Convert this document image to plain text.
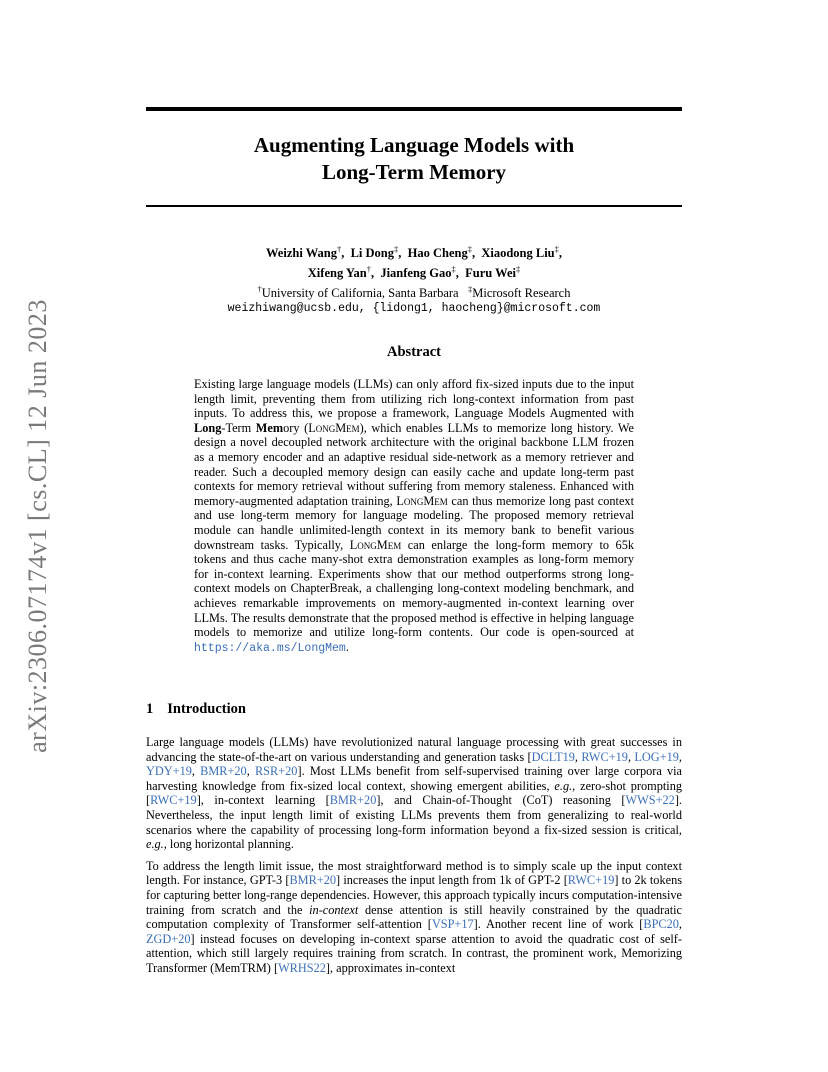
arXiv:2306.07174v1 [cs.CL] 12 Jun 2023
Augmenting Language Models with
Long-Term Memory
Weizhi Wang†,  Li Dong‡,  Hao Cheng‡,  Xiaodong Liu‡,
Xifeng Yan†,  Jianfeng Gao‡,  Furu Wei‡
†University of California, Santa Barbara ‡Microsoft Research
weizhiwang@ucsb.edu, {lidong1, haocheng}@microsoft.com
Abstract
Existing large language models (LLMs) can only afford fix-sized inputs due to the input length limit, preventing them from utilizing rich long-context information from past inputs. To address this, we propose a framework, Language Models Augmented with Long-Term Memory (LongMem), which enables LLMs to memorize long history. We design a novel decoupled network architecture with the original backbone LLM frozen as a memory encoder and an adaptive residual side-network as a memory retriever and reader. Such a decoupled memory design can easily cache and update long-term past contexts for memory retrieval without suffering from memory staleness. Enhanced with memory-augmented adaptation training, LongMem can thus memorize long past context and use long-term memory for language modeling. The proposed memory retrieval module can handle unlimited-length context in its memory bank to benefit various downstream tasks. Typically, LongMem can enlarge the long-form memory to 65k tokens and thus cache many-shot extra demonstration examples as long-form memory for in-context learning. Experiments show that our method outperforms strong long-context models on ChapterBreak, a challenging long-context modeling benchmark, and achieves remarkable improvements on memory-augmented in-context learning over LLMs. The results demonstrate that the proposed method is effective in helping language models to memorize and utilize long-form contents. Our code is open-sourced at https://aka.ms/LongMem.
1 Introduction

Large language models (LLMs) have revolutionized natural language processing with great successes in advancing the state-of-the-art on various understanding and generation tasks [DCLT19, RWC+19, LOG+19, YDY+19, BMR+20, RSR+20]. Most LLMs benefit from self-supervised training over large corpora via harvesting knowledge from fix-sized local context, showing emergent abilities, e.g., zero-shot prompting [RWC+19], in-context learning [BMR+20], and Chain-of-Thought (CoT) reasoning [WWS+22]. Nevertheless, the input length limit of existing LLMs prevents them from generalizing to real-world scenarios where the capability of processing long-form information beyond a fix-sized session is critical, e.g., long horizontal planning.

To address the length limit issue, the most straightforward method is to simply scale up the input context length. For instance, GPT-3 [BMR+20] increases the input length from 1k of GPT-2 [RWC+19] to 2k tokens for capturing better long-range dependencies. However, this approach typically incurs computation-intensive training from scratch and the in-context dense attention is still heavily constrained by the quadratic computation complexity of Transformer self-attention [VSP+17]. Another recent line of work [BPC20, ZGD+20] instead focuses on developing in-context sparse attention to avoid the quadratic cost of self-attention, which still largely requires training from scratch. In contrast, the prominent work, Memorizing Transformer (MemTRM) [WRHS22], approximates in-context
